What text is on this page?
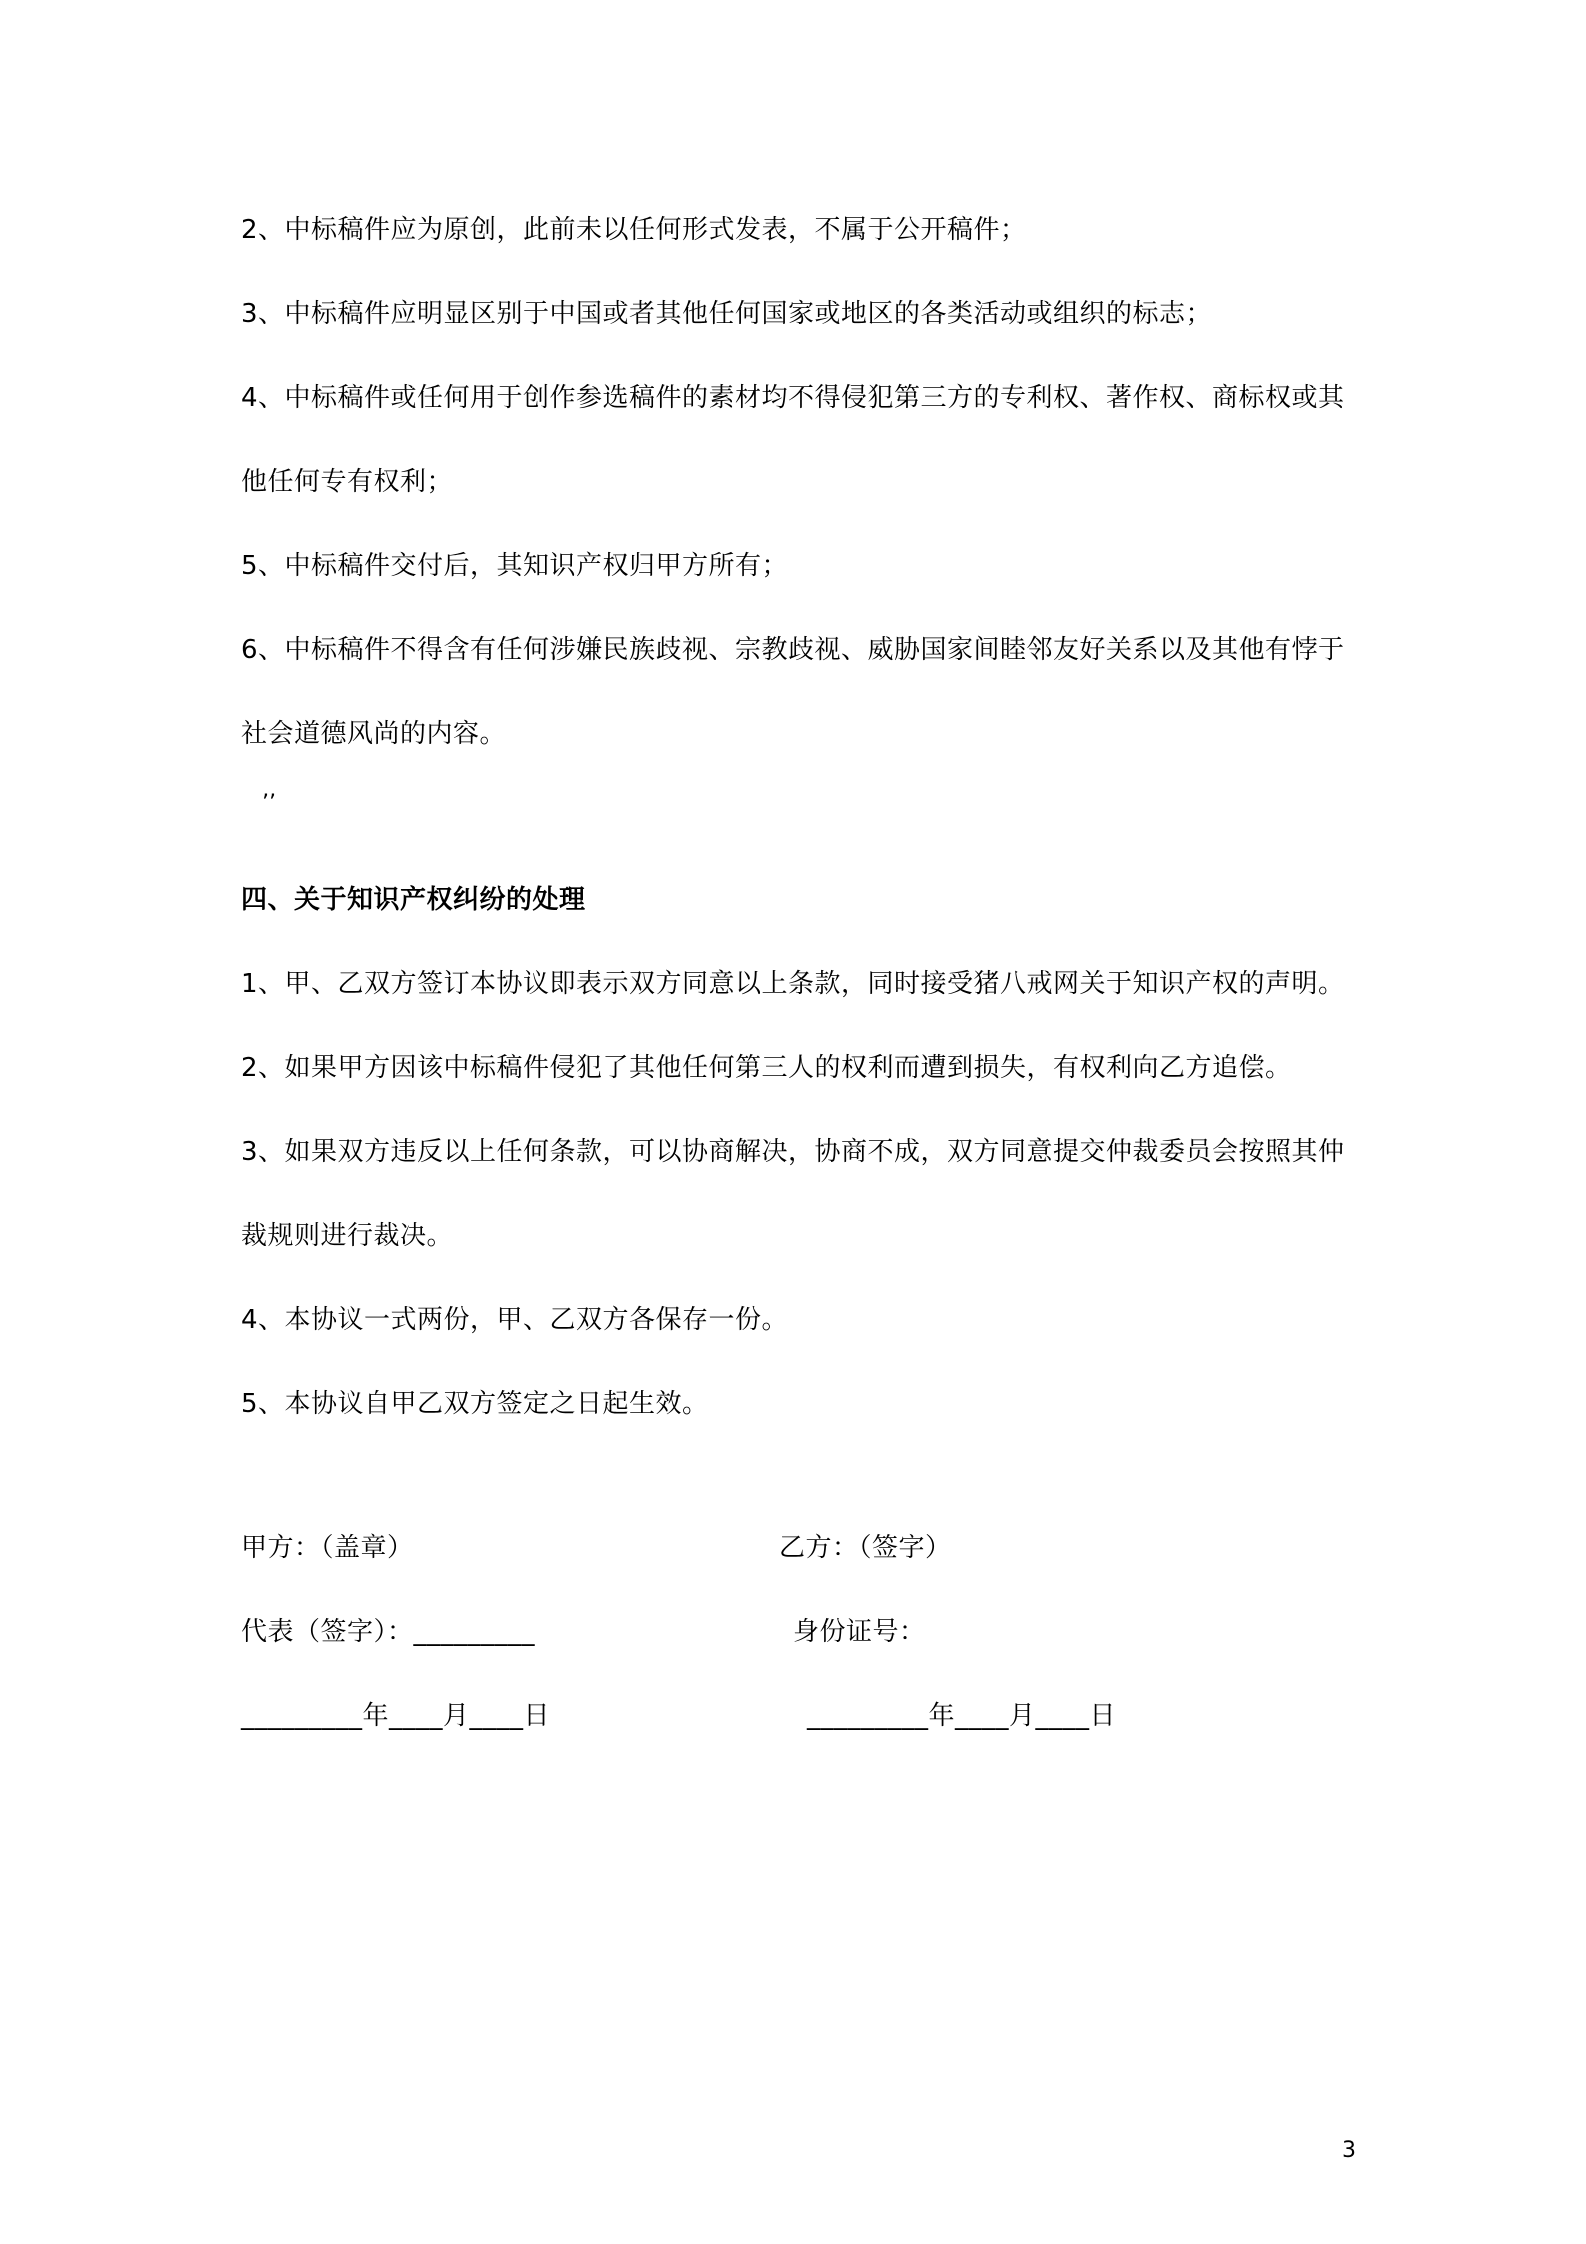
2、中标稿件应为原创，此前未以任何形式发表，不属于公开稿件；
3、中标稿件应明显区别于中国或者其他任何国家或地区的各类活动或组织的标志；
4、中标稿件或任何用于创作参选稿件的素材均不得侵犯第三方的专利权、著作权、商标权或其
他任何专有权利；
5、中标稿件交付后，其知识产权归甲方所有；
6、中标稿件不得含有任何涉嫌民族歧视、宗教歧视、威胁国家间睦邻友好关系以及其他有悖于
社会道德风尚的内容。
’’
四、关于知识产权纠纷的处理
1、甲、乙双方签订本协议即表示双方同意以上条款，同时接受猪八戒网关于知识产权的声明。
2、如果甲方因该中标稿件侵犯了其他任何第三人的权利而遭到损失，有权利向乙方追偿。
3、如果双方违反以上任何条款，可以协商解决，协商不成，双方同意提交仲裁委员会按照其仲
裁规则进行裁决。
4、本协议一式两份，甲、乙双方各保存一份。
5、本协议自甲乙双方签定之日起生效。
甲方：（盖章）	乙方：（签字）
代表（签字）：_________	身份证号：
_________年____月____日	_________年____月____日
3
